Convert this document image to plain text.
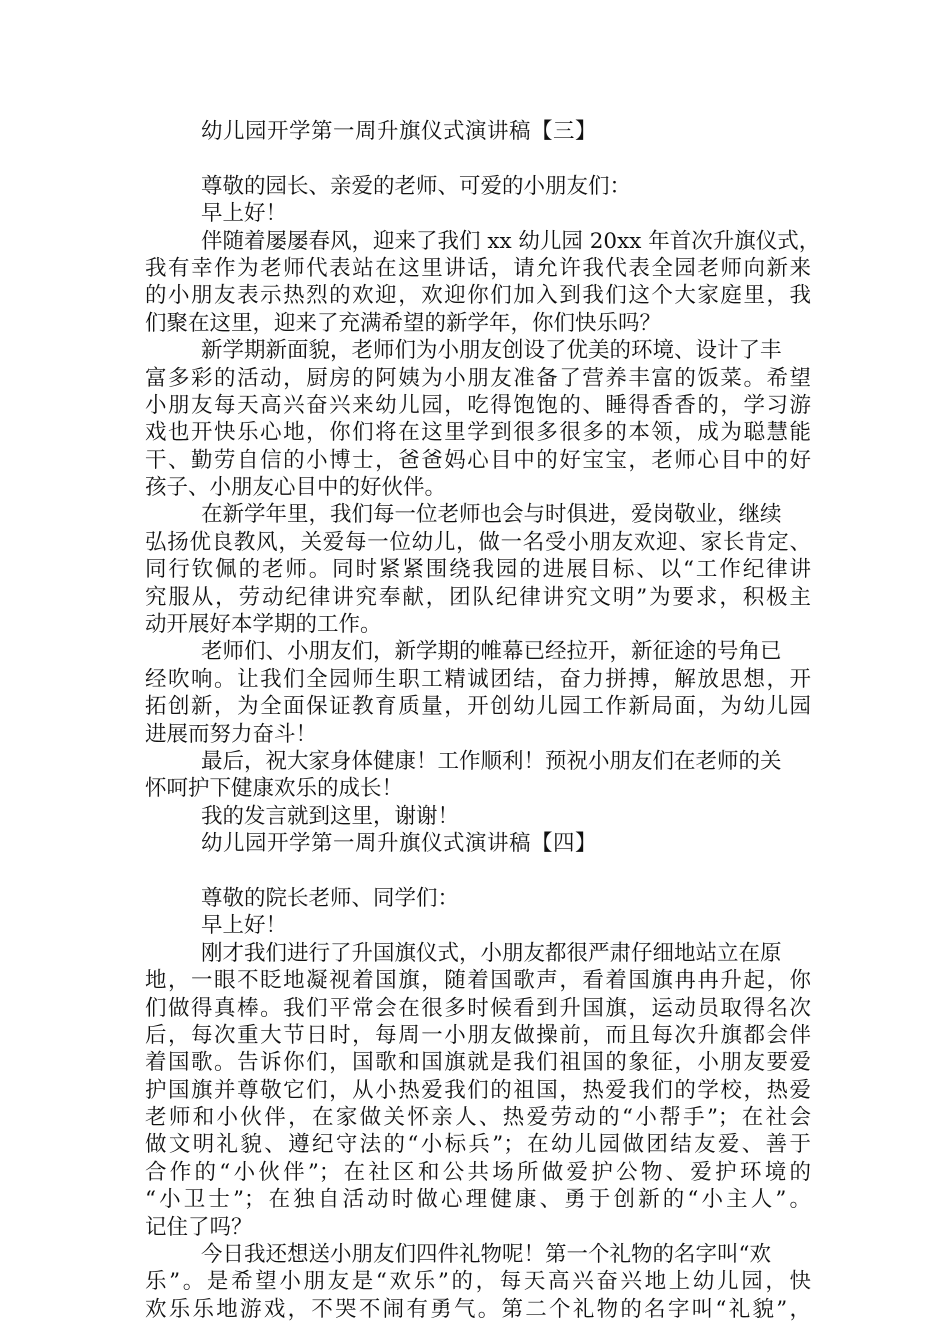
幼儿园开学第一周升旗仪式演讲稿【三】
尊敬的园长、亲爱的老师、可爱的小朋友们：
早上好！
伴随着屡屡春风，迎来了我们 xx 幼儿园 20xx 年首次升旗仪式，
我有幸作为老师代表站在这里讲话，请允许我代表全园老师向新来
的小朋友表示热烈的欢迎，欢迎你们加入到我们这个大家庭里，我
们聚在这里，迎来了充满希望的新学年，你们快乐吗？
新学期新面貌，老师们为小朋友创设了优美的环境、设计了丰
富多彩的活动，厨房的阿姨为小朋友准备了营养丰富的饭菜。希望
小朋友每天高兴奋兴来幼儿园，吃得饱饱的、睡得香香的，学习游
戏也开快乐心地，你们将在这里学到很多很多的本领，成为聪慧能
干、勤劳自信的小博士，爸爸妈心目中的好宝宝，老师心目中的好
孩子、小朋友心目中的好伙伴。
在新学年里，我们每一位老师也会与时俱进，爱岗敬业，继续
弘扬优良教风，关爱每一位幼儿，做一名受小朋友欢迎、家长肯定、
同行钦佩的老师。同时紧紧围绕我园的进展目标、以“工作纪律讲
究服从，劳动纪律讲究奉献，团队纪律讲究文明”为要求，积极主
动开展好本学期的工作。
老师们、小朋友们，新学期的帷幕已经拉开，新征途的号角已
经吹响。让我们全园师生职工精诚团结，奋力拼搏，解放思想，开
拓创新，为全面保证教育质量，开创幼儿园工作新局面，为幼儿园
进展而努力奋斗！
最后，祝大家身体健康！工作顺利！预祝小朋友们在老师的关
怀呵护下健康欢乐的成长！
我的发言就到这里，谢谢！
幼儿园开学第一周升旗仪式演讲稿【四】
尊敬的院长老师、同学们：
早上好！
刚才我们进行了升国旗仪式，小朋友都很严肃仔细地站立在原
地，一眼不眨地凝视着国旗，随着国歌声，看着国旗冉冉升起，你
们做得真棒。我们平常会在很多时候看到升国旗，运动员取得名次
后，每次重大节日时，每周一小朋友做操前，而且每次升旗都会伴
着国歌。告诉你们，国歌和国旗就是我们祖国的象征，小朋友要爱
护国旗并尊敬它们，从小热爱我们的祖国，热爱我们的学校，热爱
老师和小伙伴，在家做关怀亲人、热爱劳动的“小帮手”；在社会
做文明礼貌、遵纪守法的“小标兵”；在幼儿园做团结友爱、善于
合作的“小伙伴”；在社区和公共场所做爱护公物、爱护环境的
“小卫士”；在独自活动时做心理健康、勇于创新的“小主人”。
记住了吗？
今日我还想送小朋友们四件礼物呢！第一个礼物的名字叫“欢
乐”。是希望小朋友是“欢乐”的，每天高兴奋兴地上幼儿园，快
欢乐乐地游戏，不哭不闹有勇气。第二个礼物的名字叫“礼貌”，
